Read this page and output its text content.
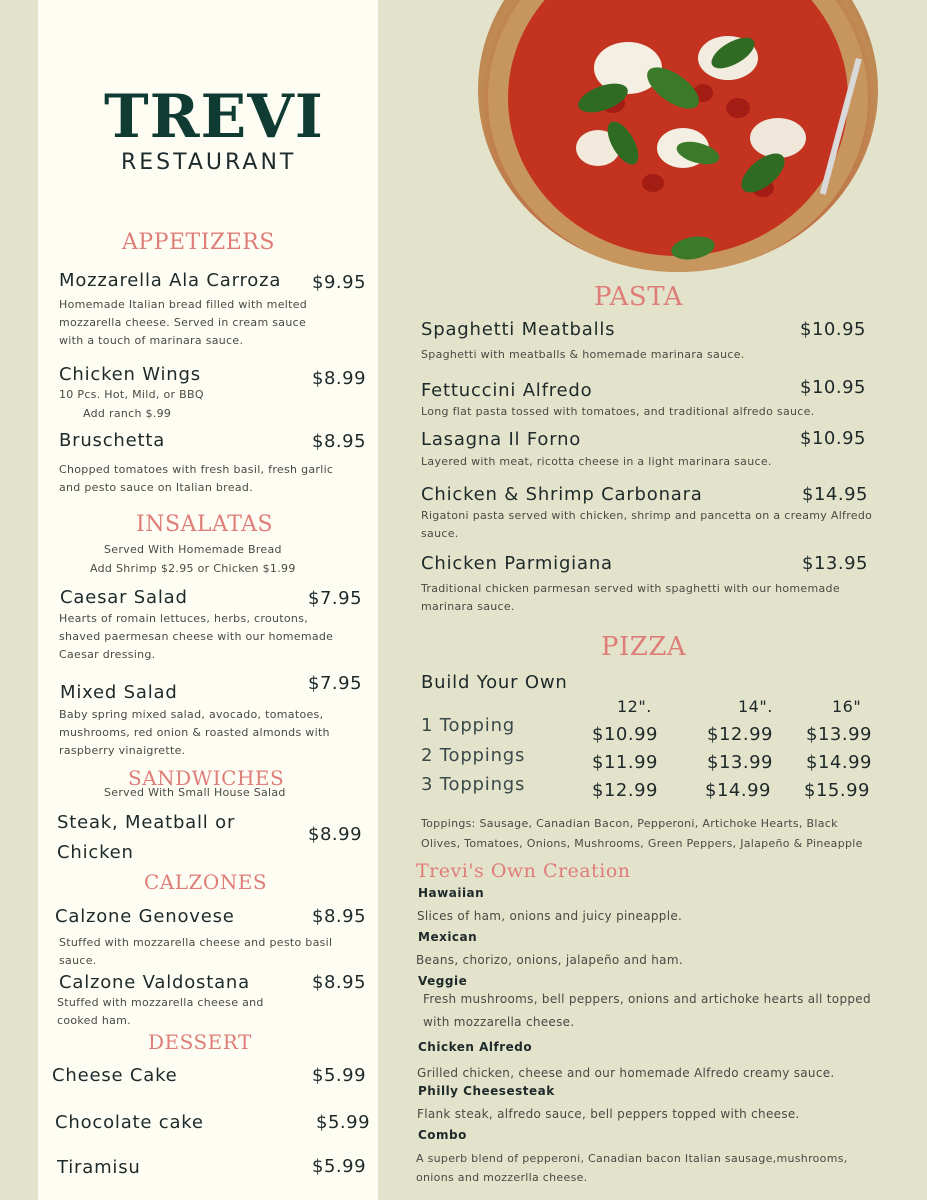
TREVI
RESTAURANT
APPETIZERS
Mozzarella Ala Carroza $9.95
Homemade Italian bread filled with melted mozzarella cheese. Served in cream sauce with a touch of marinara sauce.
Chicken Wings	$8.99
10 Pcs. Hot, Mild, or BBQ
Add ranch $.99
Bruschetta	$8.95
Chopped tomatoes with fresh basil, fresh garlic and pesto sauce on Italian bread.
INSALATAS
Served With Homemade Bread
Add Shrimp $2.95 or Chicken $1.99
Caesar Salad	$7.95
Hearts of romain lettuces, herbs, croutons, shaved paermesan cheese with our homemade Caesar dressing.
Mixed Salad	$7.95
Baby spring mixed salad, avocado, tomatoes, mushrooms, red onion & roasted almonds with raspberry vinaigrette.
SANDWICHES
Served With Small House Salad
Steak, Meatball or
Chicken
$8.99
CALZONES
Calzone Genovese	$8.95
Stuffed with mozzarella cheese and pesto basil sauce.
Calzone Valdostana	$8.95
Stuffed with mozzarella cheese and cooked ham.
DESSERT
Cheese Cake	$5.99
Chocolate cake	$5.99
Tiramisu	$5.99
PASTA
Spaghetti Meatballs	$10.95
Spaghetti with meatballs & homemade marinara sauce.
Fettuccini Alfredo	$10.95
Long flat pasta tossed with tomatoes, and traditional alfredo sauce.
Lasagna Il Forno	$10.95
Layered with meat, ricotta cheese in a light marinara sauce.
Chicken & Shrimp Carbonara	$14.95
Rigatoni pasta served with chicken, shrimp and pancetta on a creamy Alfredo sauce.
Chicken Parmigiana	$13.95
Traditional chicken parmesan served with spaghetti with our homemade marinara sauce.
PIZZA
Build Your Own
12".	14".	16"
1 Topping	$10.99	$12.99 $13.99
2 Toppings	$11.99	$13.99 $14.99
3 Toppings	$12.99	$14.99 $15.99
Toppings: Sausage, Canadian Bacon, Pepperoni, Artichoke Hearts, Black
Olives, Tomatoes, Onions, Mushrooms, Green Peppers, Jalapeño & Pineapple
Trevi's Own Creation
Hawaiian
Slices of ham, onions and juicy pineapple.
Mexican
Beans, chorizo, onions, jalapeño and ham.
Veggie
Fresh mushrooms, bell peppers, onions and artichoke hearts all topped
with mozzarella cheese.
Chicken Alfredo
Grilled chicken, cheese and our homemade Alfredo creamy sauce.
Philly Cheesesteak
Flank steak, alfredo sauce, bell peppers topped with cheese.
Combo
A superb blend of pepperoni, Canadian bacon Italian sausage,mushrooms,
onions and mozzerlla cheese.
